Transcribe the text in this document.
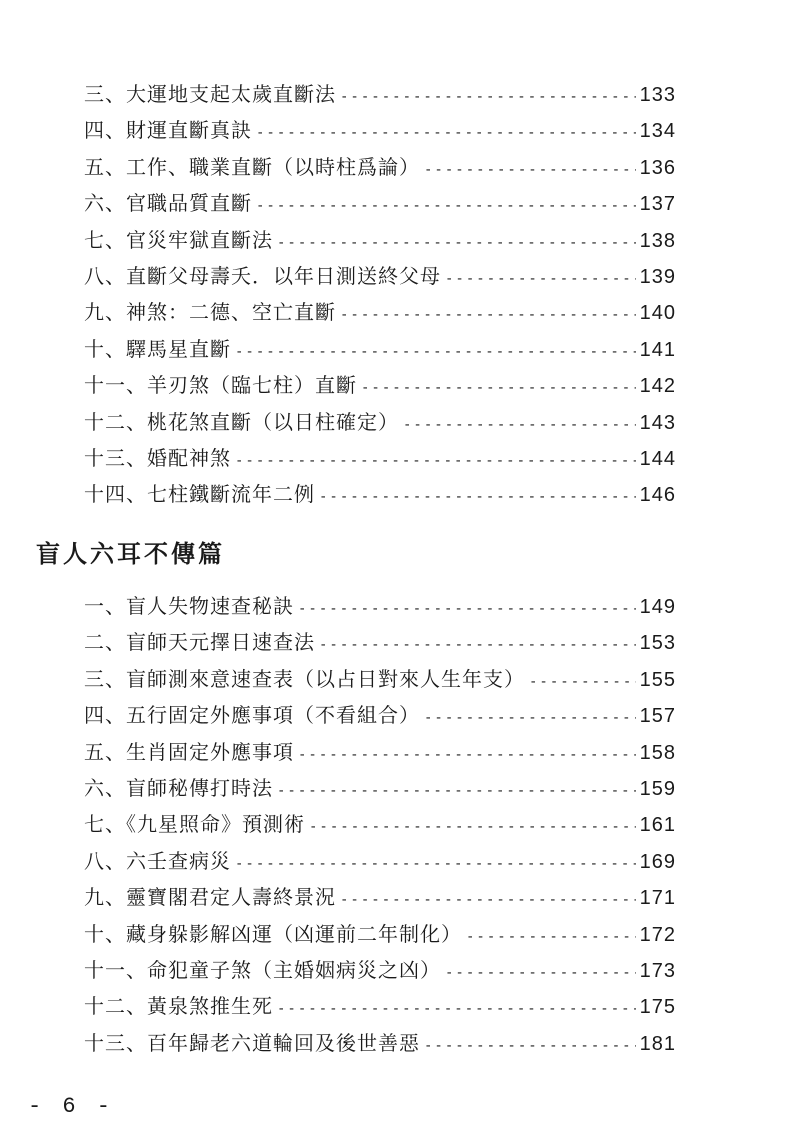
三、大運地支起太歲直斷法 -----	133
四、財運直斷真訣 -----	134
五、工作、職業直斷（以時柱爲論） -----	136
六、官職品質直斷 -----	137
七、官災牢獄直斷法 -----	138
八、直斷父母壽夭．以年日測送終父母 -----	139
九、神煞：二德、空亡直斷 -----	140
十、驛馬星直斷 -----	141
十一、羊刃煞（臨七柱）直斷 -----	142
十二、桃花煞直斷（以日柱確定） -----	143
十三、婚配神煞 -----	144
十四、七柱鐵斷流年二例 -----	146
盲人六耳不傳篇
一、盲人失物速查秘訣 -----	149
二、盲師天元擇日速查法 -----	153
三、盲師測來意速查表（以占日對來人生年支） -----	155
四、五行固定外應事項（不看組合） -----	157
五、生肖固定外應事項 -----	158
六、盲師秘傳打時法 -----	159
七、《九星照命》預測術 -----	161
八、六壬查病災 -----	169
九、靈寶閣君定人壽終景況 -----	171
十、藏身躲影解凶運（凶運前二年制化） -----	172
十一、命犯童子煞（主婚姻病災之凶） -----	173
十二、黃泉煞推生死 -----	175
十三、百年歸老六道輪回及後世善惡 -----	181
- 6 -
